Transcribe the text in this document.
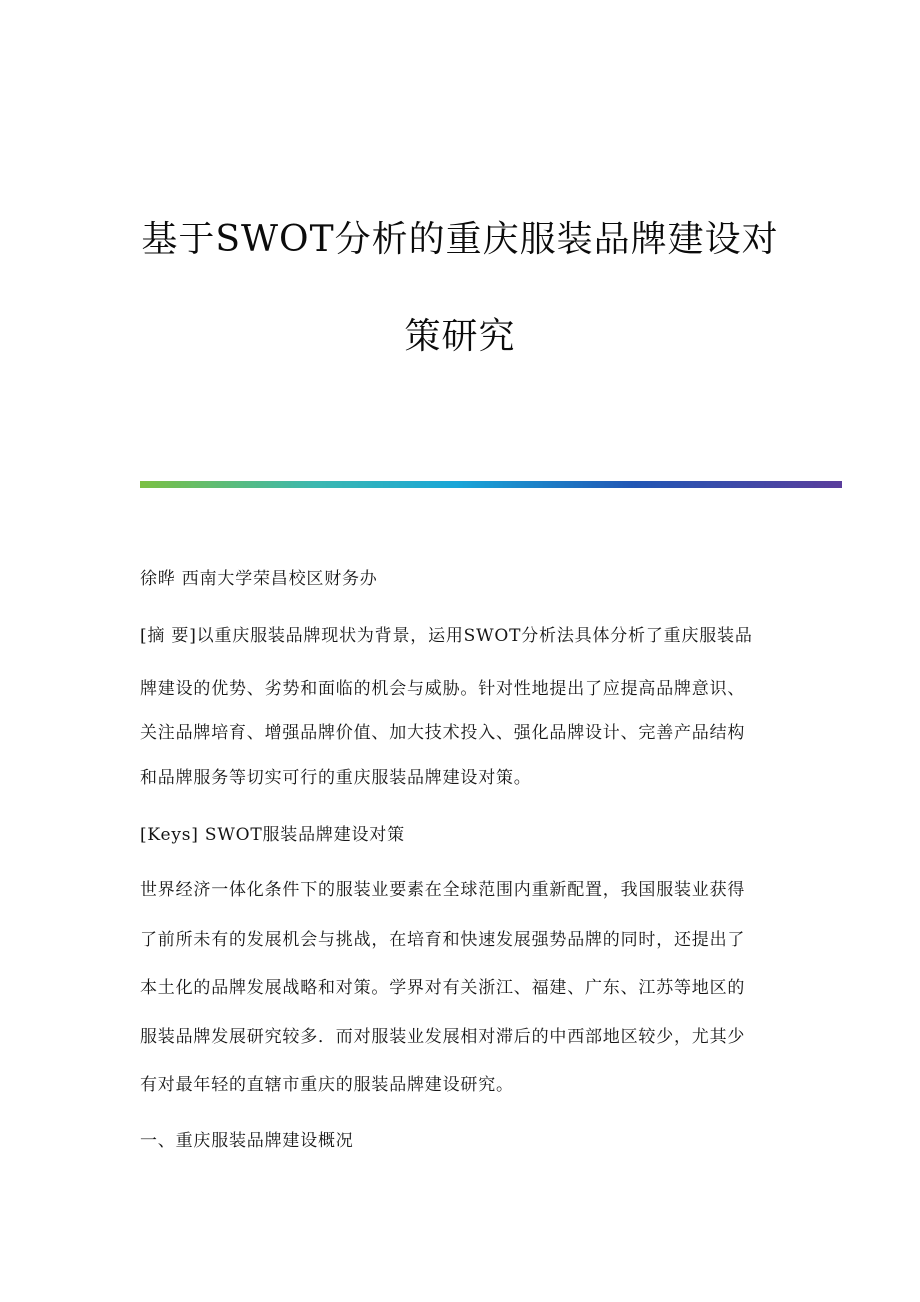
基于SWOT分析的重庆服装品牌建设对
策研究
徐晔 西南大学荣昌校区财务办
[摘 要]以重庆服装品牌现状为背景，运用SWOT分析法具体分析了重庆服装品
牌建设的优势、劣势和面临的机会与威胁。针对性地提出了应提高品牌意识、
关注品牌培育、增强品牌价值、加大技术投入、强化品牌设计、完善产品结构
和品牌服务等切实可行的重庆服装品牌建设对策。
[Keys] SWOT服装品牌建设对策
世界经济一体化条件下的服装业要素在全球范围内重新配置，我国服装业获得
了前所未有的发展机会与挑战，在培育和快速发展强势品牌的同时，还提出了
本土化的品牌发展战略和对策。学界对有关浙江、福建、广东、江苏等地区的
服装品牌发展研究较多．而对服装业发展相对滞后的中西部地区较少，尤其少
有对最年轻的直辖市重庆的服装品牌建设研究。
一、重庆服装品牌建设概况
